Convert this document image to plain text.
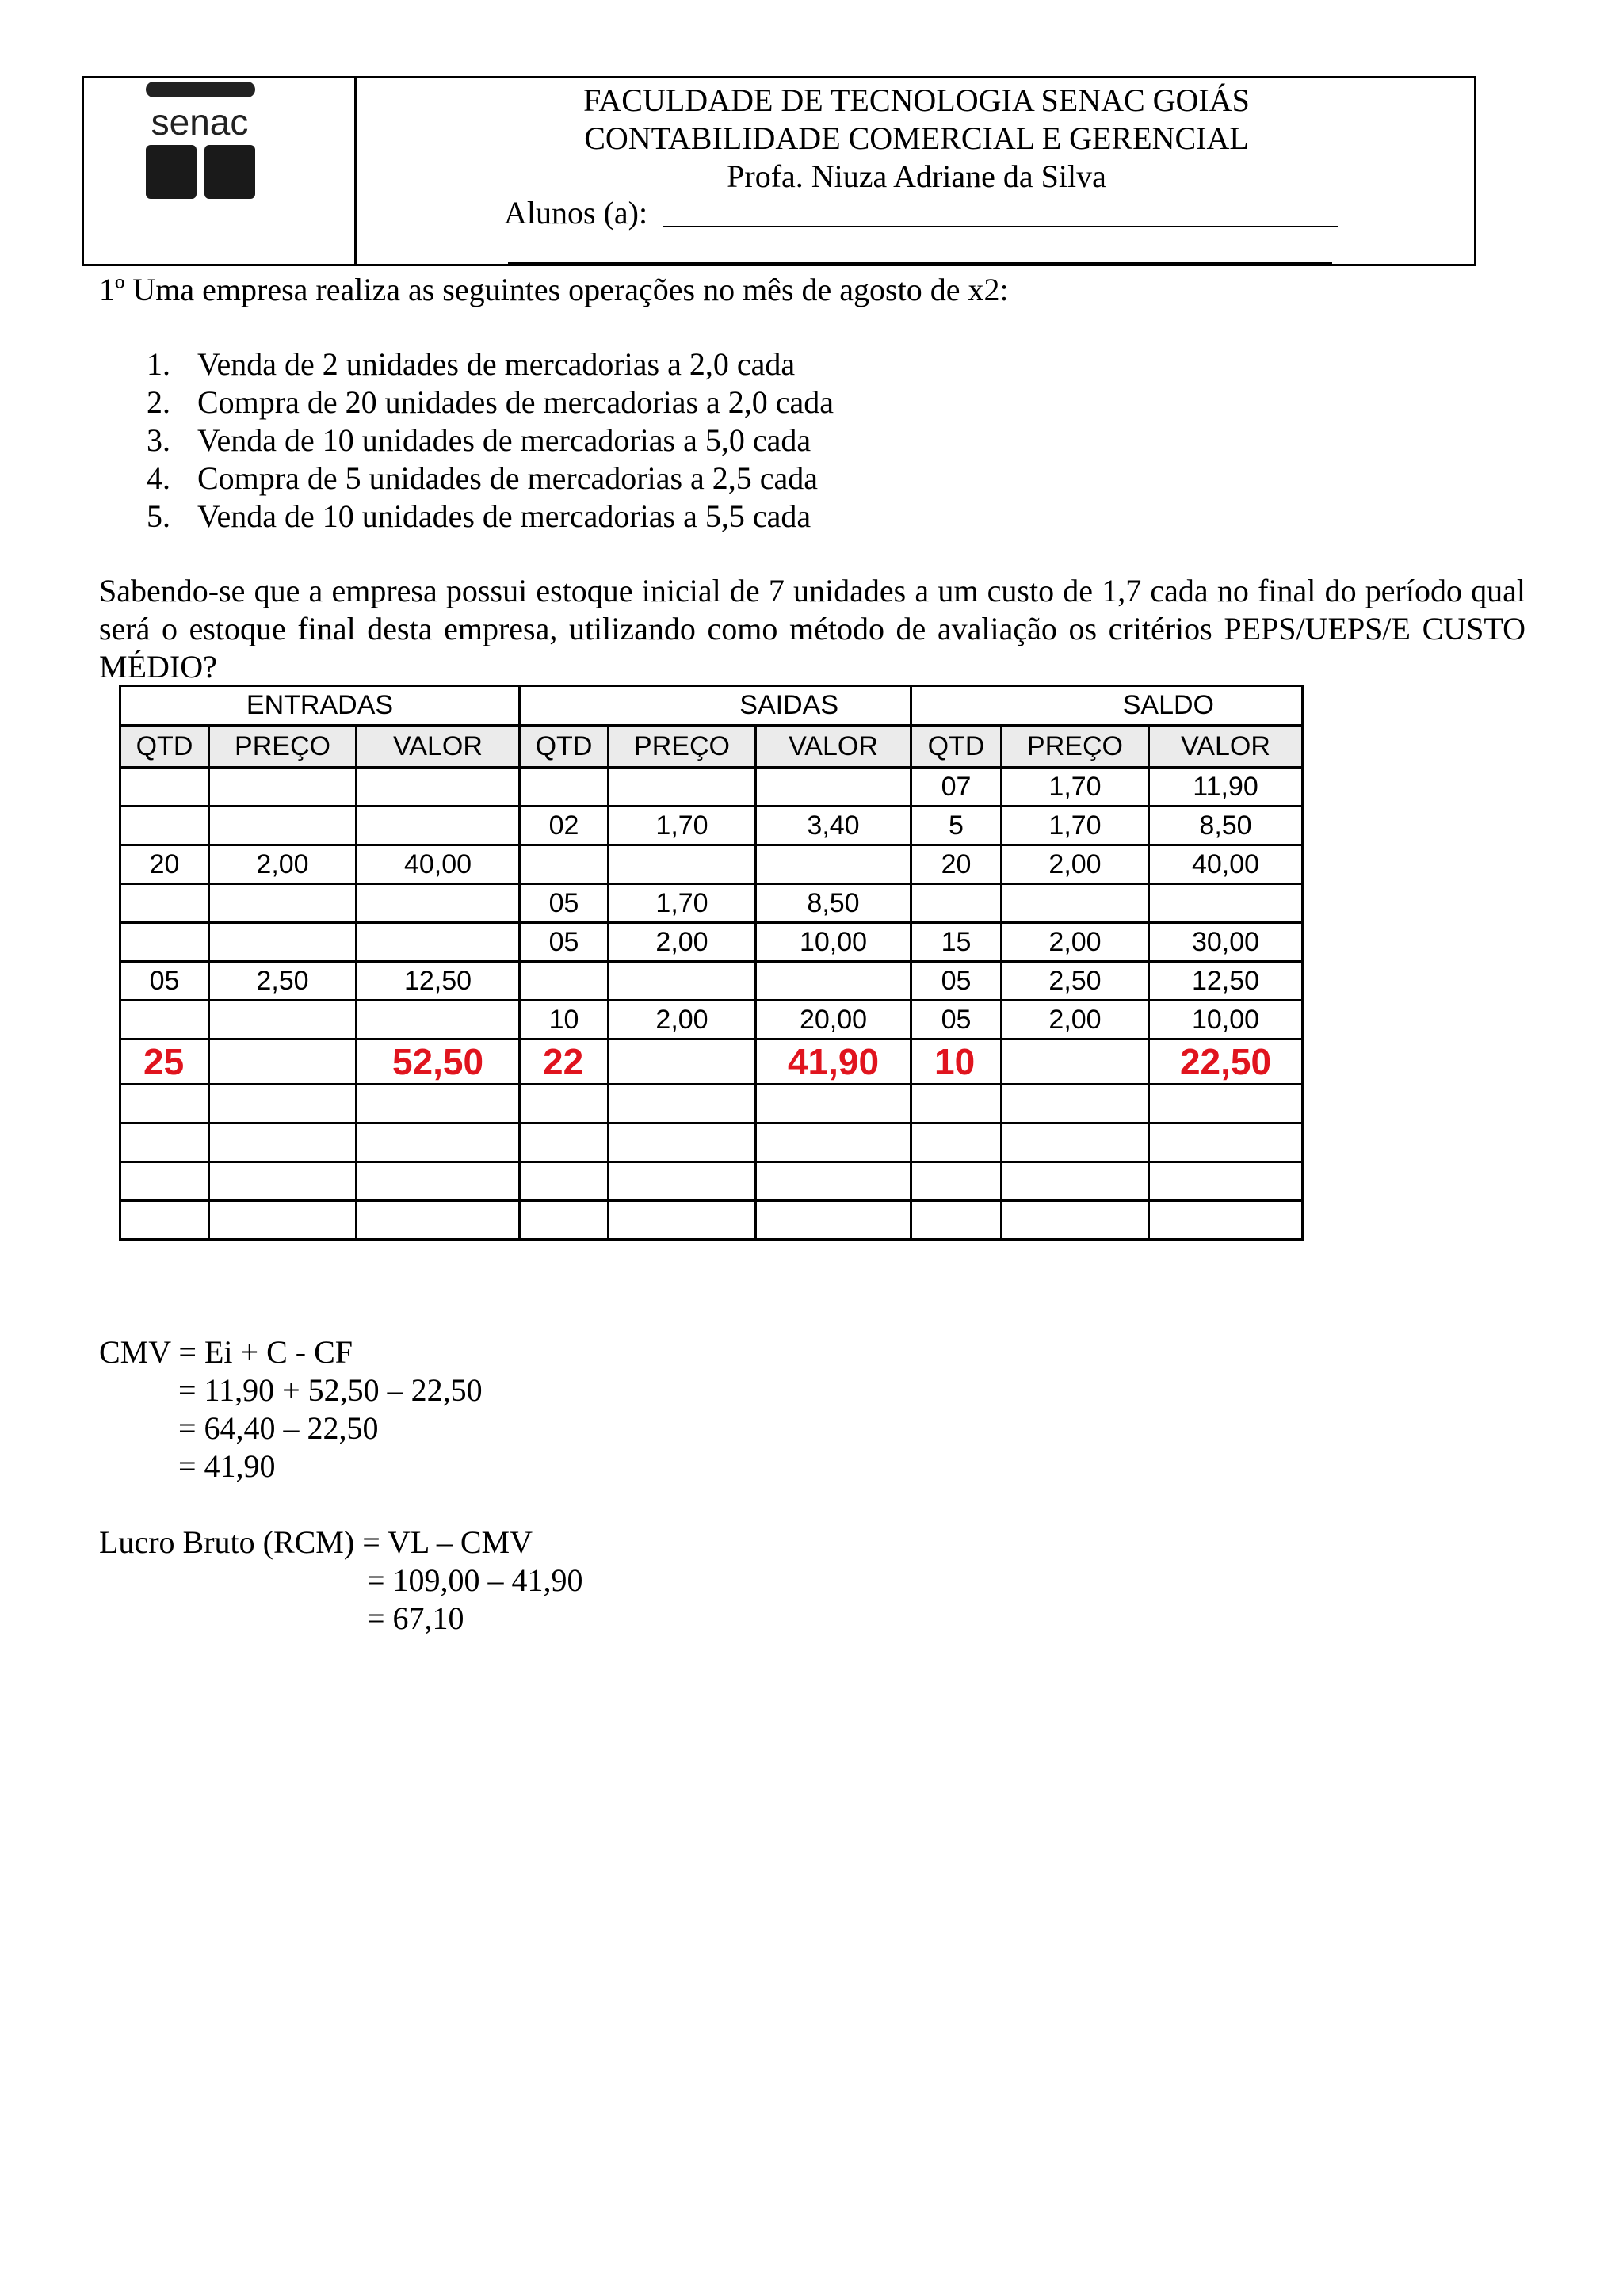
senac
FACULDADE DE TECNOLOGIA SENAC GOIÁS
CONTABILIDADE COMERCIAL E GERENCIAL
Profa. Niuza Adriane da Silva
Alunos (a):
1º Uma empresa realiza as seguintes operações no mês de agosto de x2:
1. Venda de 2 unidades de mercadorias a 2,0 cada
2. Compra de 20 unidades de mercadorias a 2,0 cada
3. Venda de 10 unidades de mercadorias a 5,0 cada
4. Compra de 5 unidades de mercadorias a 2,5 cada
5. Venda de 10 unidades de mercadorias a 5,5 cada
Sabendo-se que a empresa possui estoque inicial de 7 unidades a um custo de 1,7 cada no final do período qual será o estoque final desta empresa, utilizando como método de avaliação os critérios PEPS/UEPS/E CUSTO MÉDIO?
ENTRADAS			SAIDAS			SALDO		
QTD	PREÇO	VALOR	QTD	PREÇO	VALOR	QTD	PREÇO	VALOR
						07	1,70	11,90
			02	1,70	3,40	5	1,70	8,50
20	2,00	40,00				20	2,00	40,00
			05	1,70	8,50			
			05	2,00	10,00	15	2,00	30,00
05	2,50	12,50				05	2,50	12,50
			10	2,00	20,00	05	2,00	10,00
25		52,50	22		41,90	10		22,50

CMV = Ei + C - CF
= 11,90 + 52,50 – 22,50
= 64,40 – 22,50
= 41,90
Lucro Bruto (RCM) = VL – CMV
= 109,00 – 41,90
= 67,10
